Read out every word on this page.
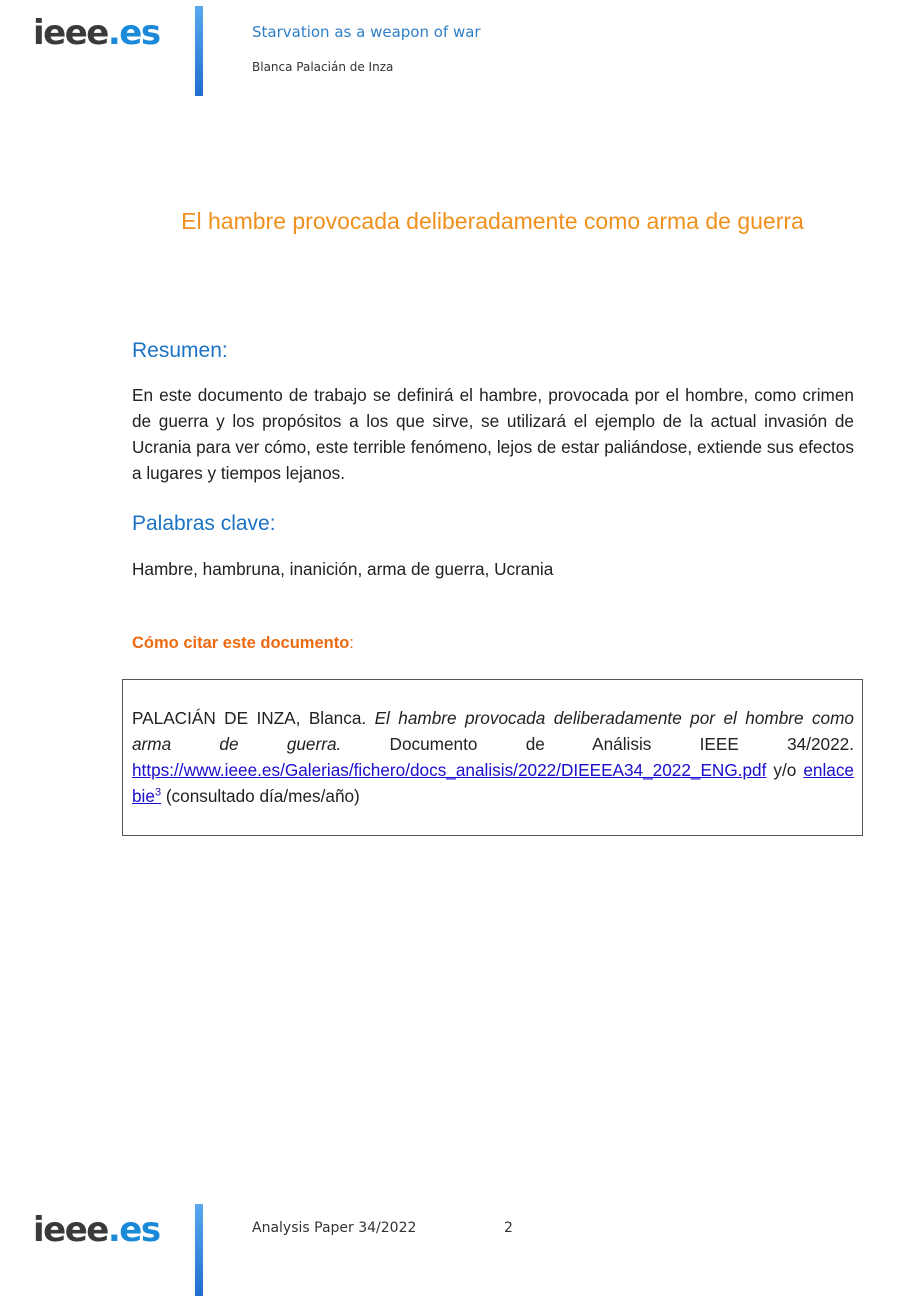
ieee.es	Starvation as a weapon of war
Blanca Palacián de Inza
El hambre provocada deliberadamente como arma de guerra
Resumen:
En este documento de trabajo se definirá el hambre, provocada por el hombre, como crimen de guerra y los propósitos a los que sirve, se utilizará el ejemplo de la actual invasión de Ucrania para ver cómo, este terrible fenómeno, lejos de estar paliándose, extiende sus efectos a lugares y tiempos lejanos.
Palabras clave:
Hambre, hambruna, inanición, arma de guerra, Ucrania
Cómo citar este documento:
PALACIÁN DE INZA, Blanca. El hambre provocada deliberadamente por el hombre como arma de guerra. Documento de Análisis IEEE 34/2022. https://www.ieee.es/Galerias/fichero/docs_analisis/2022/DIEEEA34_2022_ENG.pdf y/o enlace bie$^3$ (consultado día/mes/año)
ieee.es	Analysis Paper 34/2022	2
